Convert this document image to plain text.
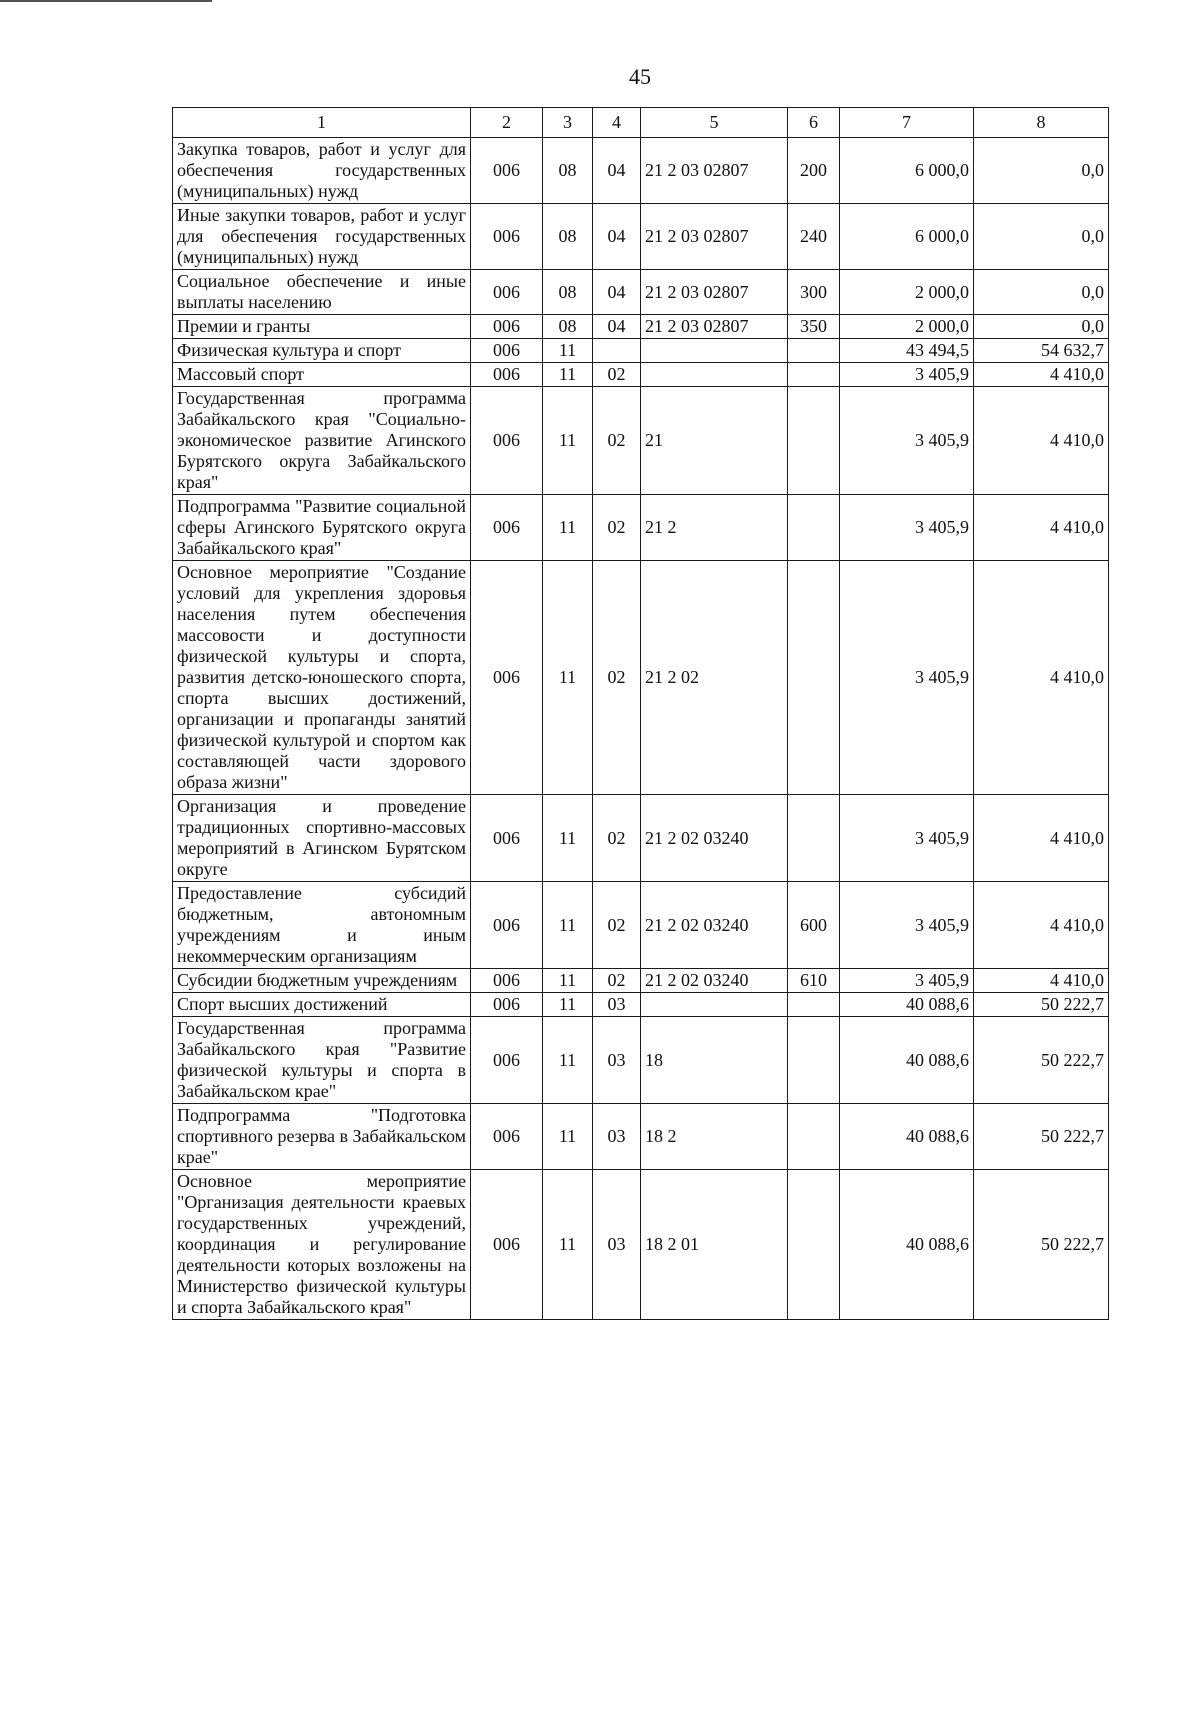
45
1	2	3	4	5	6	7	8
Закупка товаров, работ и услуг для обеспечения государственных (муниципальных) нужд	006	08	04	21 2 03 02807	200	6 000,0	0,0
Иные закупки товаров, работ и услуг для обеспечения государственных (муниципальных) нужд	006	08	04	21 2 03 02807	240	6 000,0	0,0
Социальное обеспечение и иные выплаты населению	006	08	04	21 2 03 02807	300	2 000,0	0,0
Премии и гранты	006	08	04	21 2 03 02807	350	2 000,0	0,0
Физическая культура и спорт	006	11				43 494,5	54 632,7
Массовый спорт	006	11	02			3 405,9	4 410,0
Государственная программа Забайкальского края "Социально-экономическое развитие Агинского Бурятского округа Забайкальского края"	006	11	02	21		3 405,9	4 410,0
Подпрограмма "Развитие социальной сферы Агинского Бурятского округа Забайкальского края"	006	11	02	21 2		3 405,9	4 410,0
Основное мероприятие "Создание условий для укрепления здоровья населения путем обеспечения массовости и доступности физической культуры и спорта, развития детско-юношеского спорта, спорта высших достижений, организации и пропаганды занятий физической культурой и спортом как составляющей части здорового образа жизни"	006	11	02	21 2 02		3 405,9	4 410,0
Организация и проведение традиционных спортивно-массовых мероприятий в Агинском Бурятском округе	006	11	02	21 2 02 03240		3 405,9	4 410,0
Предоставление субсидий бюджетным, автономным учреждениям и иным некоммерческим организациям	006	11	02	21 2 02 03240	600	3 405,9	4 410,0
Субсидии бюджетным учреждениям	006	11	02	21 2 02 03240	610	3 405,9	4 410,0
Спорт высших достижений	006	11	03			40 088,6	50 222,7
Государственная программа Забайкальского края "Развитие физической культуры и спорта в Забайкальском крае"	006	11	03	18		40 088,6	50 222,7
Подпрограмма "Подготовка спортивного резерва в Забайкальском крае"	006	11	03	18 2		40 088,6	50 222,7
Основное мероприятие "Организация деятельности краевых государственных учреждений, координация и регулирование деятельности которых возложены на Министерство физической культуры и спорта Забайкальского края"	006	11	03	18 2 01		40 088,6	50 222,7
